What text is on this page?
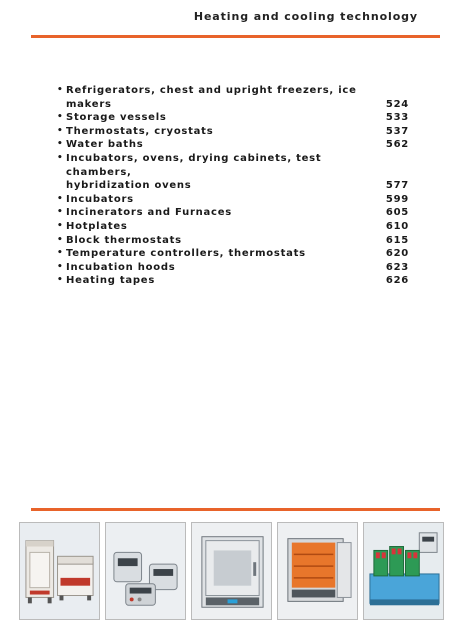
Heating and cooling technology
• Refrigerators, chest and upright freezers, ice makers	524
• Storage vessels	533
• Thermostats, cryostats	537
• Water baths	562
• Incubators, ovens, drying cabinets, test chambers,
hybridization ovens	577
• Incubators	599
• Incinerators and Furnaces	605
• Hotplates	610
• Block thermostats	615
• Temperature controllers, thermostats	620
• Incubation hoods	623
• Heating tapes	626
